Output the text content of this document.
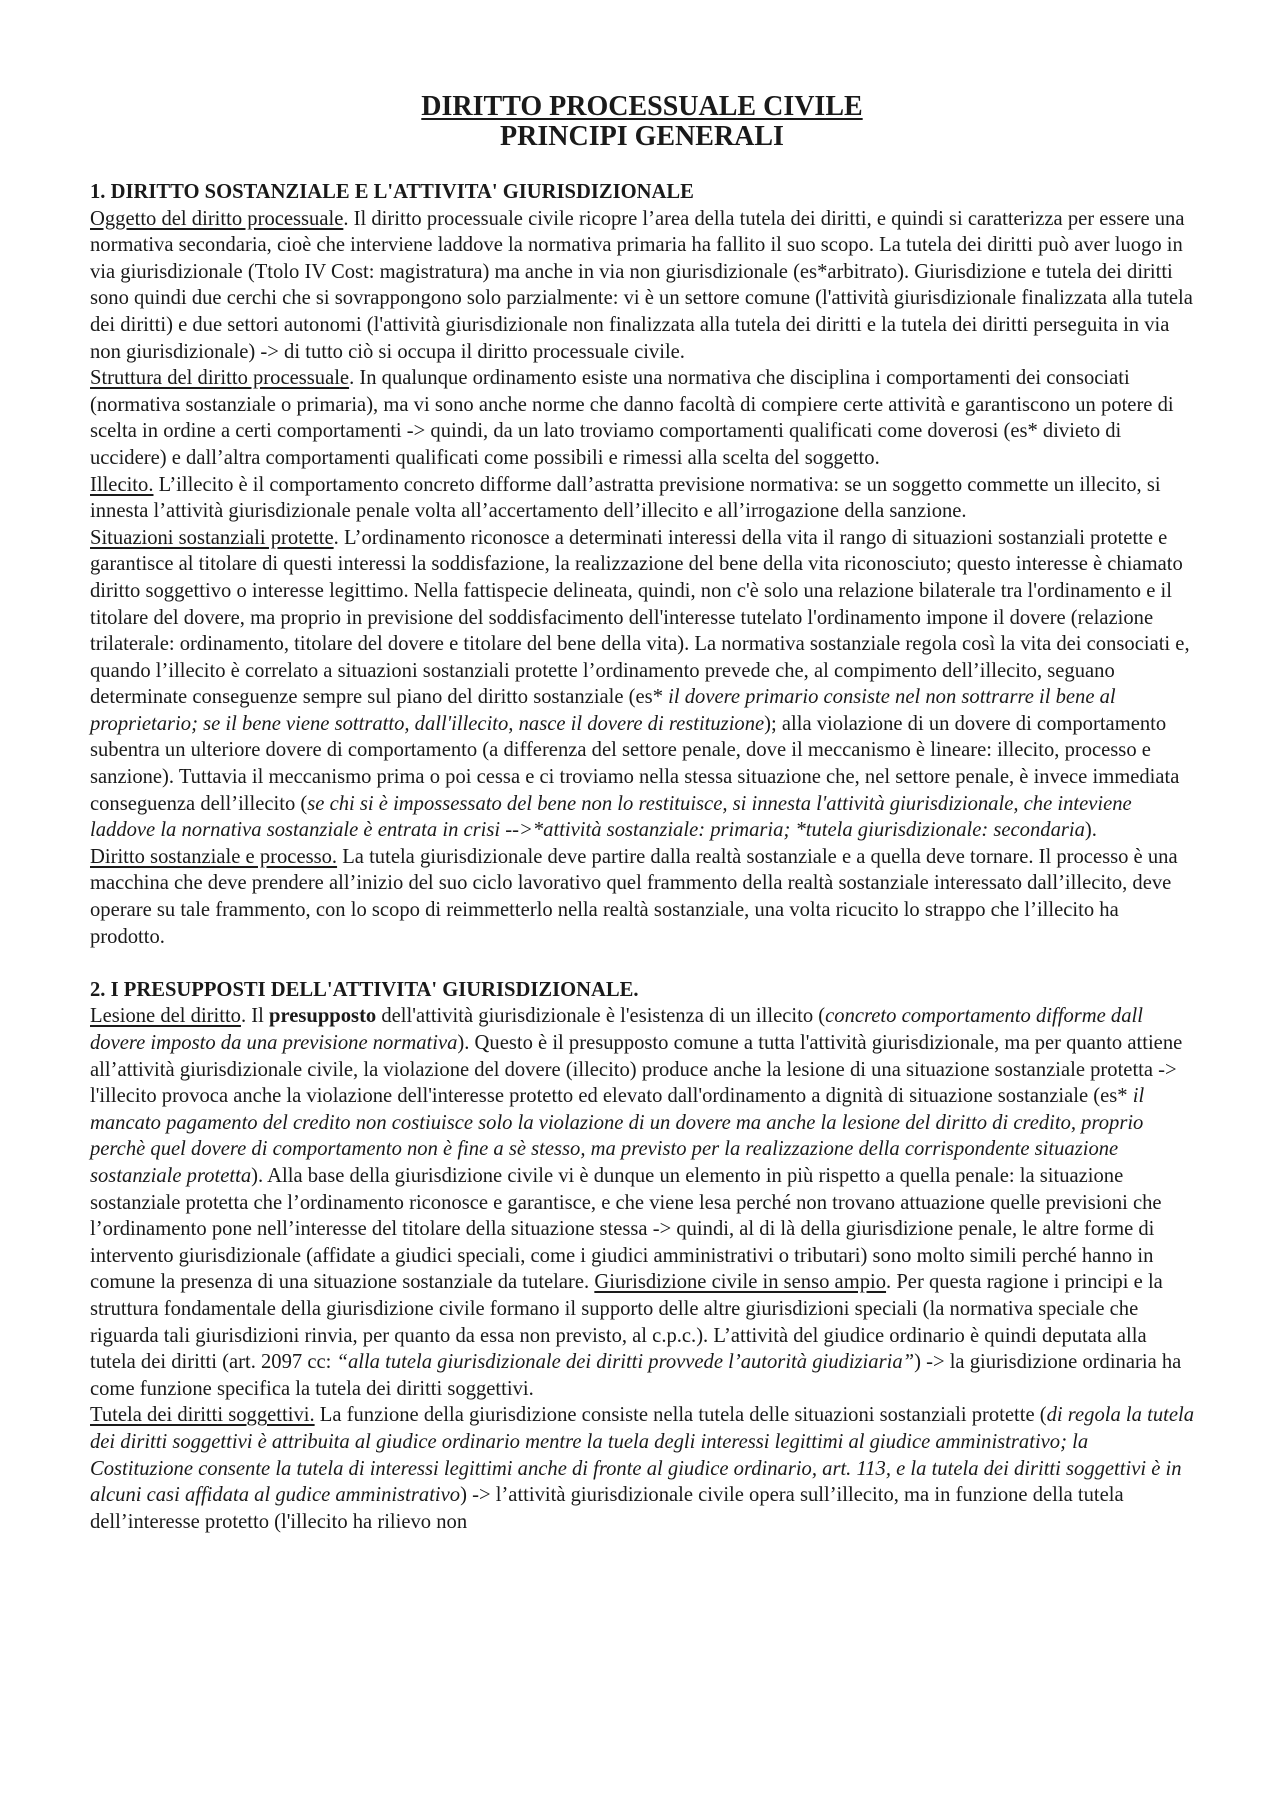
DIRITTO PROCESSUALE CIVILE
PRINCIPI GENERALI
1. DIRITTO SOSTANZIALE E L'ATTIVITA' GIURISDIZIONALE

Oggetto del diritto processuale. Il diritto processuale civile ricopre l’area della tutela dei diritti, e quindi si caratterizza per essere una normativa secondaria, cioè che interviene laddove la normativa primaria ha fallito il suo scopo. La tutela dei diritti può aver luogo in via giurisdizionale (Ttolo IV Cost: magistratura) ma anche in via non giurisdizionale (es*arbitrato). Giurisdizione e tutela dei diritti sono quindi due cerchi che si sovrappongono solo parzialmente: vi è un settore comune (l'attività giurisdizionale finalizzata alla tutela dei diritti) e due settori autonomi (l'attività giurisdizionale non finalizzata alla tutela dei diritti e la tutela dei diritti perseguita in via non giurisdizionale) -> di tutto ciò si occupa il diritto processuale civile.

Struttura del diritto processuale. In qualunque ordinamento esiste una normativa che disciplina i comportamenti dei consociati (normativa sostanziale o primaria), ma vi sono anche norme che danno facoltà di compiere certe attività e garantiscono un potere di scelta in ordine a certi comportamenti -> quindi, da un lato troviamo comportamenti qualificati come doverosi (es* divieto di uccidere) e dall’altra comportamenti qualificati come possibili e rimessi alla scelta del soggetto.

Illecito. L’illecito è il comportamento concreto difforme dall’astratta previsione normativa: se un soggetto commette un illecito, si innesta l’attività giurisdizionale penale volta all’accertamento dell’illecito e all’irrogazione della sanzione.

Situazioni sostanziali protette. L’ordinamento riconosce a determinati interessi della vita il rango di situazioni sostanziali protette e garantisce al titolare di questi interessi la soddisfazione, la realizzazione del bene della vita riconosciuto; questo interesse è chiamato diritto soggettivo o interesse legittimo. Nella fattispecie delineata, quindi, non c'è solo una relazione bilaterale tra l'ordinamento e il titolare del dovere, ma proprio in previsione del soddisfacimento dell'interesse tutelato l'ordinamento impone il dovere (relazione trilaterale: ordinamento, titolare del dovere e titolare del bene della vita). La normativa sostanziale regola così la vita dei consociati e, quando l’illecito è correlato a situazioni sostanziali protette l’ordinamento prevede che, al compimento dell’illecito, seguano determinate conseguenze sempre sul piano del diritto sostanziale (es* il dovere primario consiste nel non sottrarre il bene al proprietario; se il bene viene sottratto, dall'illecito, nasce il dovere di restituzione); alla violazione di un dovere di comportamento subentra un ulteriore dovere di comportamento (a differenza del settore penale, dove il meccanismo è lineare: illecito, processo e sanzione). Tuttavia il meccanismo prima o poi cessa e ci troviamo nella stessa situazione che, nel settore penale, è invece immediata conseguenza dell’illecito (se chi si è impossessato del bene non lo restituisce, si innesta l'attività giurisdizionale, che inteviene laddove la nornativa sostanziale è entrata in crisi -->*attività sostanziale: primaria; *tutela giurisdizionale: secondaria).

Diritto sostanziale e processo. La tutela giurisdizionale deve partire dalla realtà sostanziale e a quella deve tornare. Il processo è una macchina che deve prendere all’inizio del suo ciclo lavorativo quel frammento della realtà sostanziale interessato dall’illecito, deve operare su tale frammento, con lo scopo di reimmetterlo nella realtà sostanziale, una volta ricucito lo strappo che l’illecito ha prodotto.

2. I PRESUPPOSTI DELL'ATTIVITA' GIURISDIZIONALE.

Lesione del diritto. Il presupposto dell'attività giurisdizionale è l'esistenza di un illecito (concreto comportamento difforme dall dovere imposto da una previsione normativa). Questo è il presupposto comune a tutta l'attività giurisdizionale, ma per quanto attiene all’attività giurisdizionale civile, la violazione del dovere (illecito) produce anche la lesione di una situazione sostanziale protetta -> l'illecito provoca anche la violazione dell'interesse protetto ed elevato dall'ordinamento a dignità di situazione sostanziale (es* il mancato pagamento del credito non costiuisce solo la violazione di un dovere ma anche la lesione del diritto di credito, proprio perchè quel dovere di comportamento non è fine a sè stesso, ma previsto per la realizzazione della corrispondente situazione sostanziale protetta). Alla base della giurisdizione civile vi è dunque un elemento in più rispetto a quella penale: la situazione sostanziale protetta che l’ordinamento riconosce e garantisce, e che viene lesa perché non trovano attuazione quelle previsioni che l’ordinamento pone nell’interesse del titolare della situazione stessa -> quindi, al di là della giurisdizione penale, le altre forme di intervento giurisdizionale (affidate a giudici speciali, come i giudici amministrativi o tributari) sono molto simili perché hanno in comune la presenza di una situazione sostanziale da tutelare. Giurisdizione civile in senso ampio. Per questa ragione i principi e la struttura fondamentale della giurisdizione civile formano il supporto delle altre giurisdizioni speciali (la normativa speciale che riguarda tali giurisdizioni rinvia, per quanto da essa non previsto, al c.p.c.). L’attività del giudice ordinario è quindi deputata alla tutela dei diritti (art. 2097 cc: “alla tutela giurisdizionale dei diritti provvede l’autorità giudiziaria”) -> la giurisdizione ordinaria ha come funzione specifica la tutela dei diritti soggettivi.

Tutela dei diritti soggettivi. La funzione della giurisdizione consiste nella tutela delle situazioni sostanziali protette (di regola la tutela dei diritti soggettivi è attribuita al giudice ordinario mentre la tuela degli interessi legittimi al giudice amministrativo; la Costituzione consente la tutela di interessi legittimi anche di fronte al giudice ordinario, art. 113, e la tutela dei diritti soggettivi è in alcuni casi affidata al gudice amministrativo) -> l’attività giurisdizionale civile opera sull’illecito, ma in funzione della tutela dell’interesse protetto (l'illecito ha rilievo non
